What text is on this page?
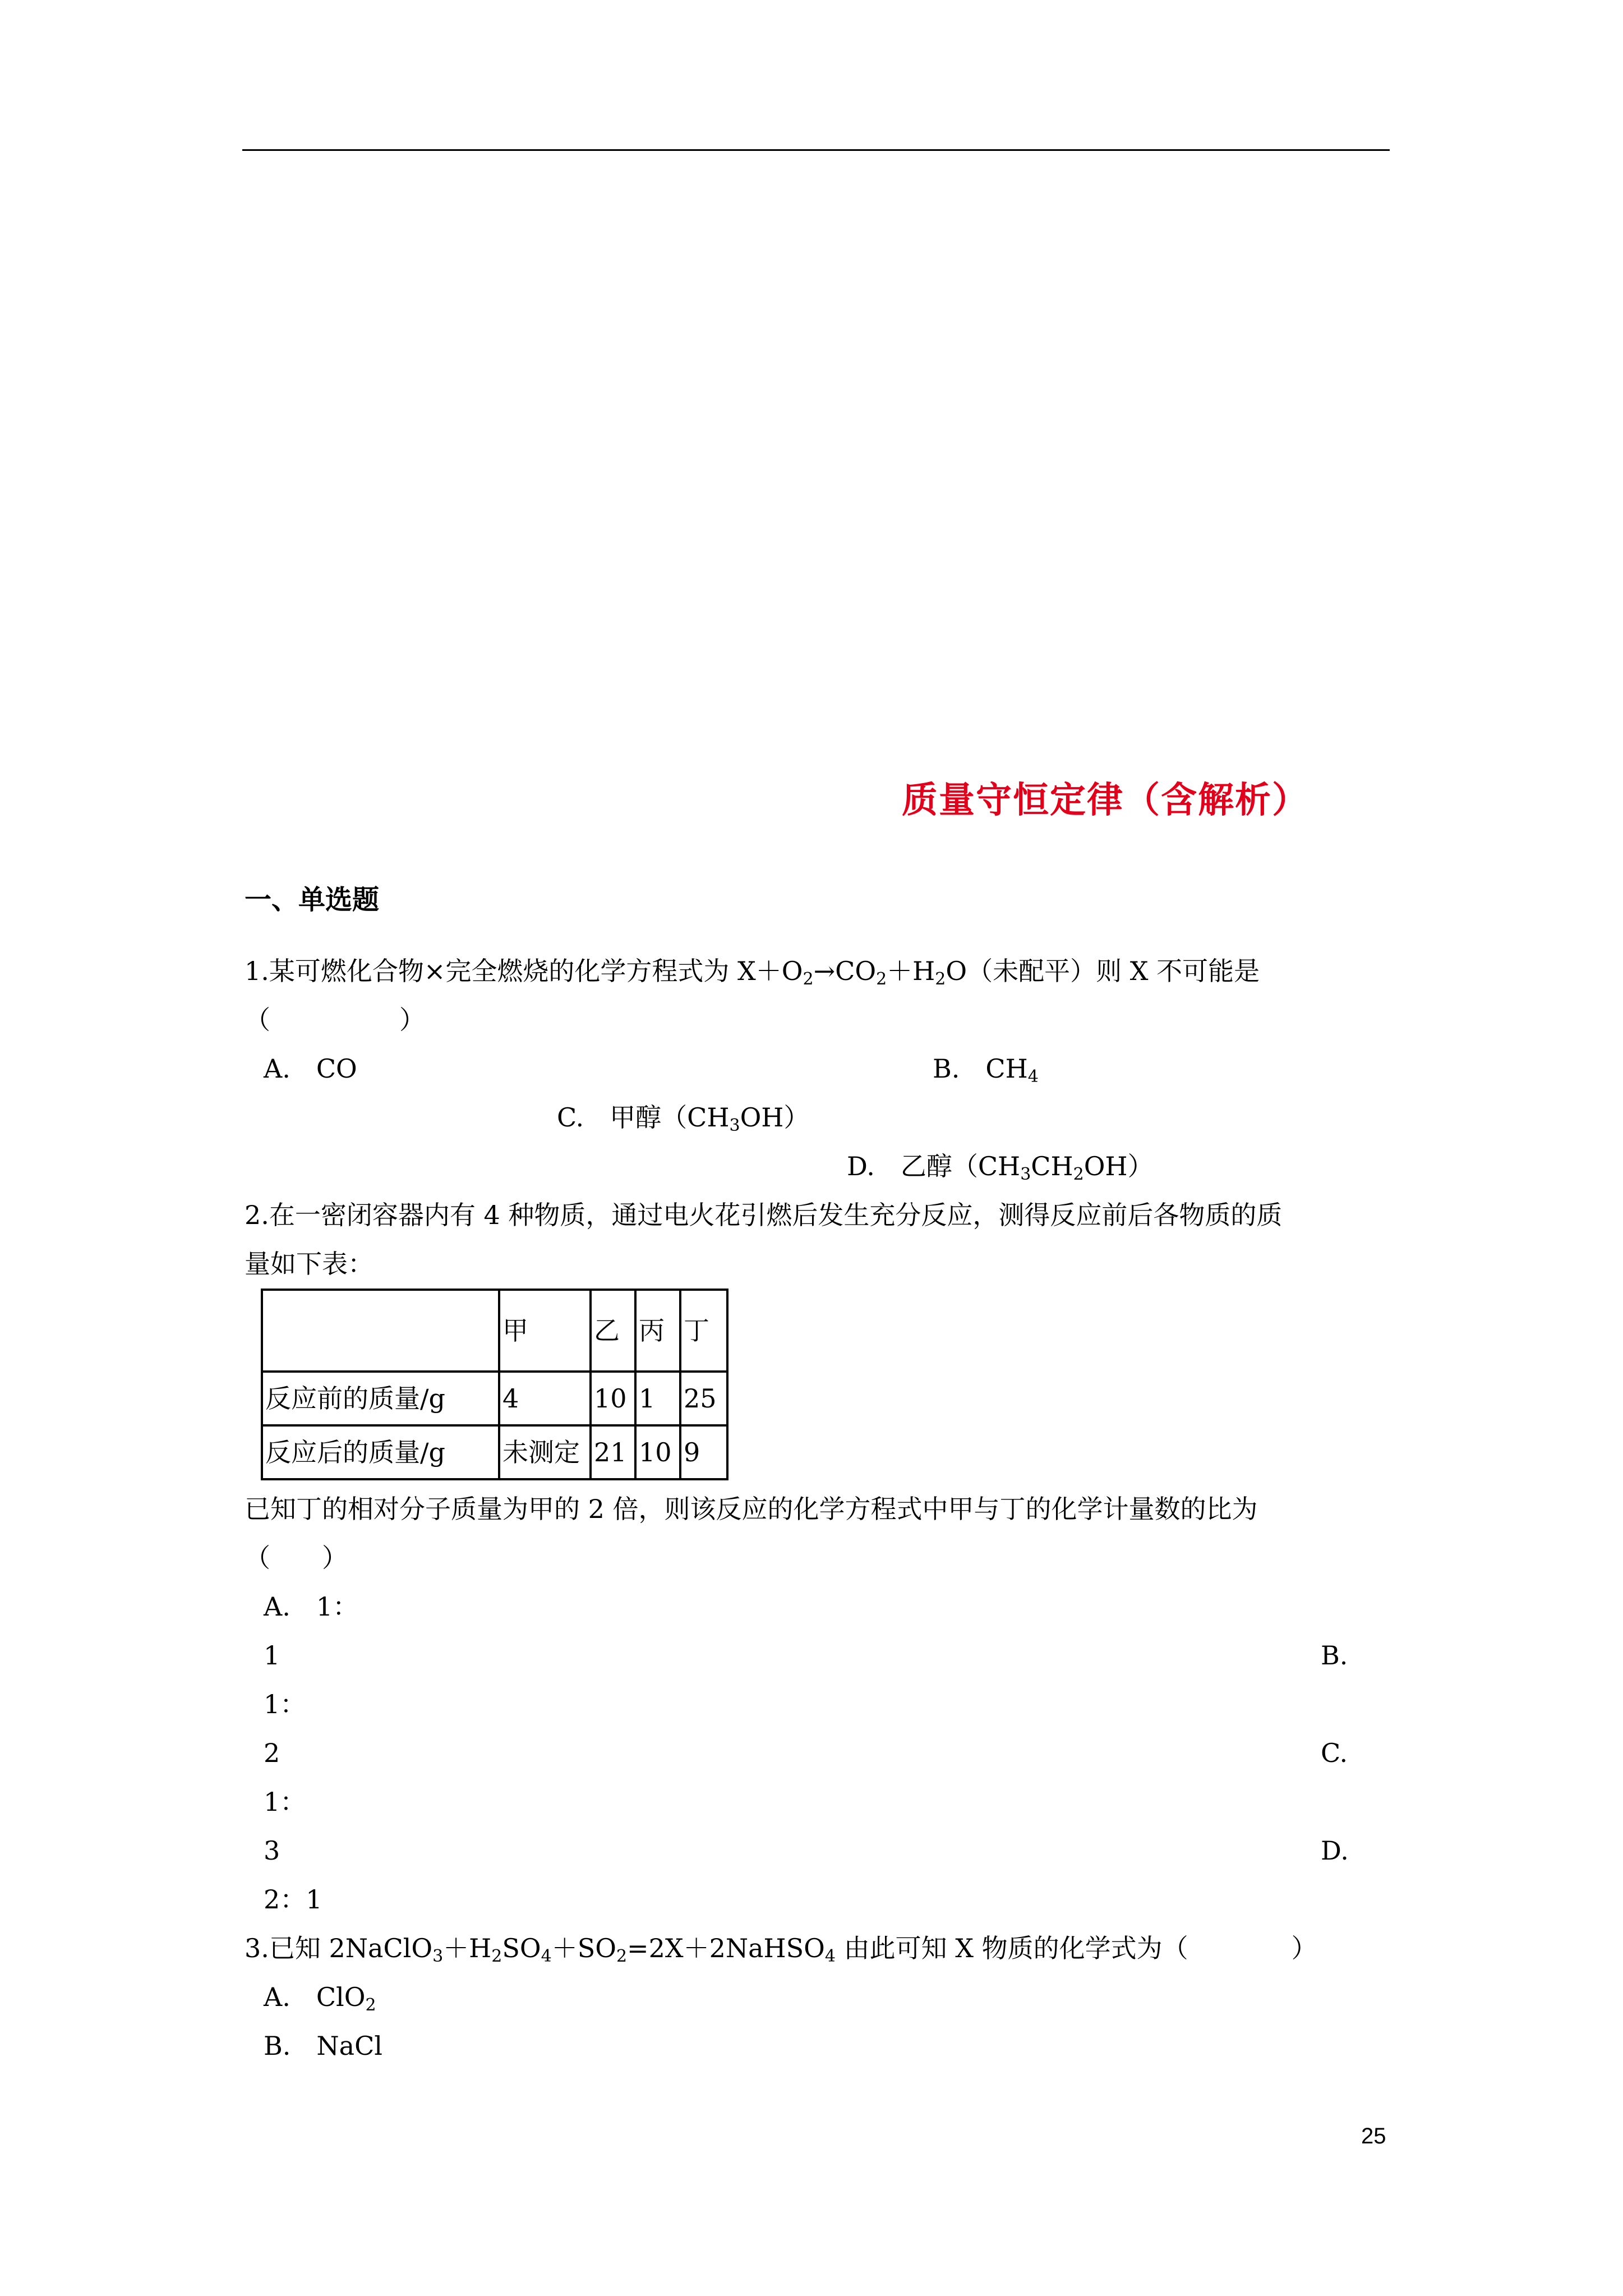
质量守恒定律（含解析）
一、单选题
1.某可燃化合物×完全燃烧的化学方程式为 $X+O_2\to CO_2+H_2O$（未配平）则 X 不可能是
（　　　　　）
A.　CO	B.　$CH_4$
C.　甲醇$(CH_3OH)$
D.　乙醇$(CH_3CH_2OH)$
2.在一密闭容器内有 4 种物质，通过电火花引燃后发生充分反应，测得反应前后各物质的质
量如下表：
	甲	乙	丙	丁
反应前的质量/g	4	10	1	25
反应后的质量/g	未测定	21	10	9
已知丁的相对分子质量为甲的 2 倍，则该反应的化学方程式中甲与丁的化学计量数的比为
（　　）
A.　1：
1	B.
1：
2	C.
1：
3	D.
2：1
3.已知 $2NaClO_3+H_2SO_4+SO_2=2X+2NaHSO_4$ 由此可知 X 物质的化学式为（　　　　）
A.　ClO$_2$
B.　NaCl
25
